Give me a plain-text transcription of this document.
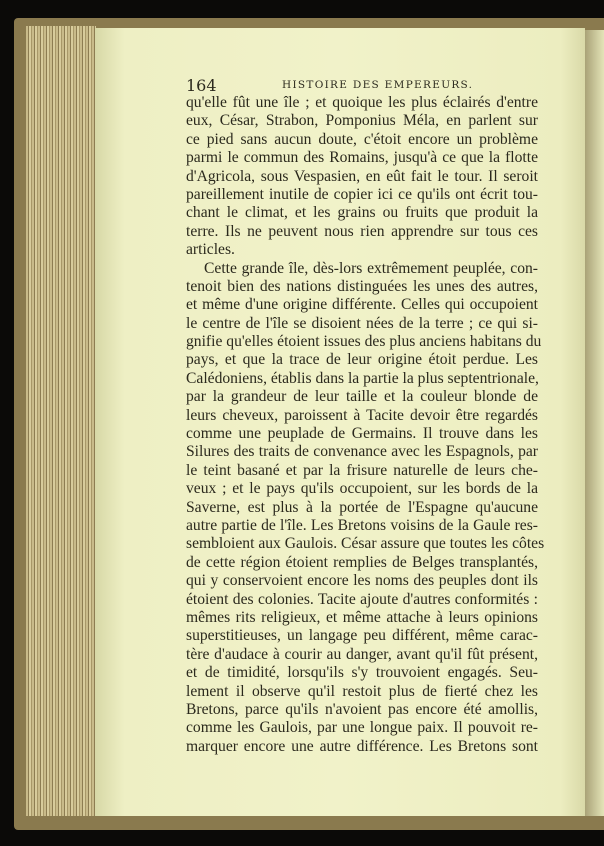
164	HISTOIRE DES EMPEREURS.
qu'elle fût une île ; et quoique les plus éclairés d'entre
eux, César, Strabon, Pomponius Méla, en parlent sur
ce pied sans aucun doute, c'étoit encore un problème
parmi le commun des Romains, jusqu'à ce que la flotte
d'Agricola, sous Vespasien, en eût fait le tour. Il seroit
pareillement inutile de copier ici ce qu'ils ont écrit tou-
chant le climat, et les grains ou fruits que produit la
terre. Ils ne peuvent nous rien apprendre sur tous ces
articles.
Cette grande île, dès-lors extrêmement peuplée, con-
tenoit bien des nations distinguées les unes des autres,
et même d'une origine différente. Celles qui occupoient
le centre de l'île se disoient nées de la terre ; ce qui si-
gnifie qu'elles étoient issues des plus anciens habitans du
pays, et que la trace de leur origine étoit perdue. Les
Calédoniens, établis dans la partie la plus septentrionale,
par la grandeur de leur taille et la couleur blonde de
leurs cheveux, paroissent à Tacite devoir être regardés
comme une peuplade de Germains. Il trouve dans les
Silures des traits de convenance avec les Espagnols, par
le teint basané et par la frisure naturelle de leurs che-
veux ; et le pays qu'ils occupoient, sur les bords de la
Saverne, est plus à la portée de l'Espagne qu'aucune
autre partie de l'île. Les Bretons voisins de la Gaule res-
sembloient aux Gaulois. César assure que toutes les côtes
de cette région étoient remplies de Belges transplantés,
qui y conservoient encore les noms des peuples dont ils
étoient des colonies. Tacite ajoute d'autres conformités :
mêmes rits religieux, et même attache à leurs opinions
superstitieuses, un langage peu différent, même carac-
tère d'audace à courir au danger, avant qu'il fût présent,
et de timidité, lorsqu'ils s'y trouvoient engagés. Seu-
lement il observe qu'il restoit plus de fierté chez les
Bretons, parce qu'ils n'avoient pas encore été amollis,
comme les Gaulois, par une longue paix. Il pouvoit re-
marquer encore une autre différence. Les Bretons sont
